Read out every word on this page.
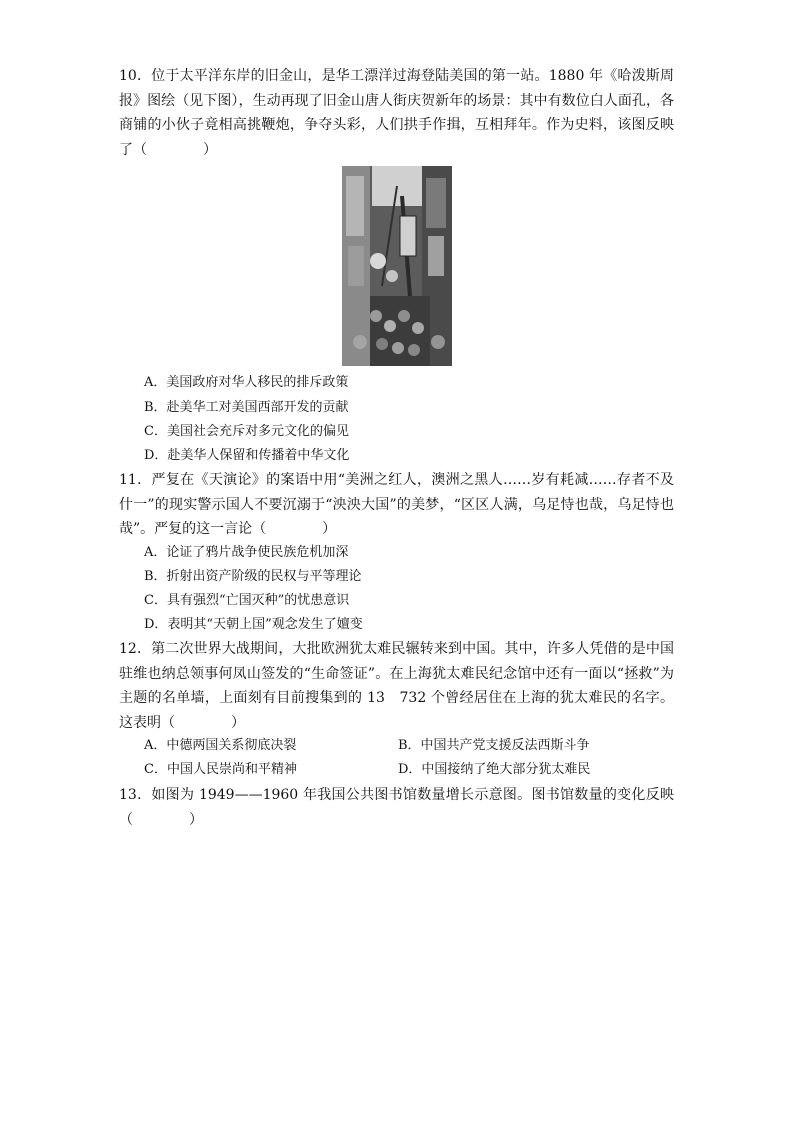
10．位于太平洋东岸的旧金山，是华工漂洋过海登陆美国的第一站。1880 年《哈泼斯周报》图绘（见下图），生动再现了旧金山唐人街庆贺新年的场景：其中有数位白人面孔，各商铺的小伙子竟相高挑鞭炮，争夺头彩，人们拱手作揖，互相拜年。作为史料，该图反映了（　　　　）
A．美国政府对华人移民的排斥政策
B．赴美华工对美国西部开发的贡献
C．美国社会充斥对多元文化的偏见
D．赴美华人保留和传播着中华文化
11．严复在《天演论》的案语中用“美洲之红人，澳洲之黑人……岁有耗减……存者不及什一”的现实警示国人不要沉溺于“泱泱大国”的美梦，“区区人满，乌足恃也哉，乌足恃也哉”。严复的这一言论（　　　　）
A．论证了鸦片战争使民族危机加深
B．折射出资产阶级的民权与平等理论
C．具有强烈“亡国灭种”的忧患意识
D．表明其“天朝上国”观念发生了嬗变
12．第二次世界大战期间，大批欧洲犹太难民辗转来到中国。其中，许多人凭借的是中国驻维也纳总领事何凤山签发的“生命签证”。在上海犹太难民纪念馆中还有一面以“拯救”为主题的名单墙，上面刻有目前搜集到的 13　732 个曾经居住在上海的犹太难民的名字。这表明（　　　　）
A．中德两国关系彻底决裂	B．中国共产党支援反法西斯斗争
C．中国人民崇尚和平精神	D．中国接纳了绝大部分犹太难民
13．如图为 1949——1960 年我国公共图书馆数量增长示意图。图书馆数量的变化反映（　　　　）
